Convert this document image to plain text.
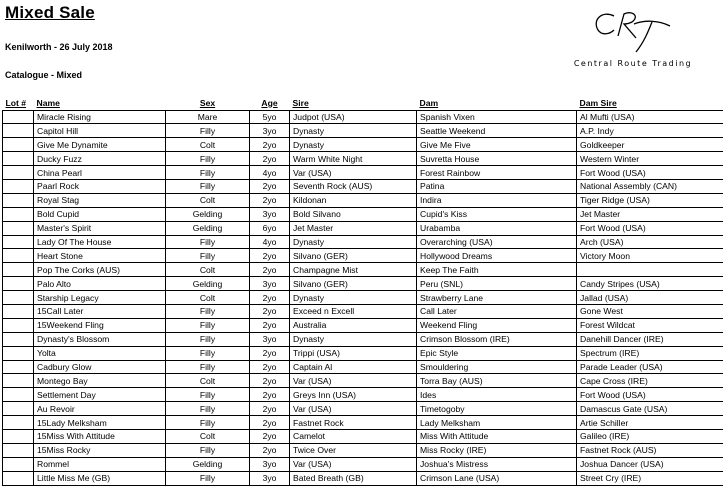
Mixed Sale
Kenilworth - 26 July 2018
Catalogue - Mixed
Central Route Trading
Lot #	Name	Sex	Age	Sire	Dam	Dam Sire
	Miracle Rising	Mare	5yo	Judpot (USA)	Spanish Vixen	Al Mufti (USA)
	Capitol Hill	Filly	3yo	Dynasty	Seattle Weekend	A.P. Indy
	Give Me Dynamite	Colt	2yo	Dynasty	Give Me Five	Goldkeeper
	Ducky Fuzz	Filly	2yo	Warm White Night	Suvretta House	Western Winter
	China Pearl	Filly	4yo	Var (USA)	Forest Rainbow	Fort Wood (USA)
	Paarl Rock	Filly	2yo	Seventh Rock (AUS)	Patina	National Assembly (CAN)
	Royal Stag	Colt	2yo	Kildonan	Indira	Tiger Ridge (USA)
	Bold Cupid	Gelding	3yo	Bold Silvano	Cupid's Kiss	Jet Master
	Master's Spirit	Gelding	6yo	Jet Master	Urabamba	Fort Wood (USA)
	Lady Of The House	Filly	4yo	Dynasty	Overarching (USA)	Arch (USA)
	Heart Stone	Filly	2yo	Silvano (GER)	Hollywood Dreams	Victory Moon
	Pop The Corks (AUS)	Colt	2yo	Champagne Mist	Keep The Faith	
	Palo Alto	Gelding	3yo	Silvano (GER)	Peru (SNL)	Candy Stripes (USA)
	Starship Legacy	Colt	2yo	Dynasty	Strawberry Lane	Jallad (USA)
	15Call Later	Filly	2yo	Exceed n Excell	Call Later	Gone West
	15Weekend Fling	Filly	2yo	Australia	Weekend Fling	Forest Wildcat
	Dynasty's Blossom	Filly	3yo	Dynasty	Crimson Blossom (IRE)	Danehill Dancer (IRE)
	Yolta	Filly	2yo	Trippi (USA)	Epic Style	Spectrum (IRE)
	Cadbury Glow	Filly	2yo	Captain Al	Smouldering	Parade Leader (USA)
	Montego Bay	Colt	2yo	Var (USA)	Torra Bay (AUS)	Cape Cross (IRE)
	Settlement Day	Filly	2yo	Greys Inn (USA)	Ides	Fort Wood (USA)
	Au Revoir	Filly	2yo	Var (USA)	Timetogoby	Damascus Gate (USA)
	15Lady Melksham	Filly	2yo	Fastnet Rock	Lady Melksham	Artie Schiller
	15Miss With Attitude	Colt	2yo	Camelot	Miss With Attitude	Galileo (IRE)
	15Miss Rocky	Filly	2yo	Twice Over	Miss Rocky (IRE)	Fastnet Rock (AUS)
	Rommel	Gelding	3yo	Var (USA)	Joshua's Mistress	Joshua Dancer (USA)
	Little Miss Me (GB)	Filly	3yo	Bated Breath (GB)	Crimson Lane (USA)	Street Cry (IRE)
